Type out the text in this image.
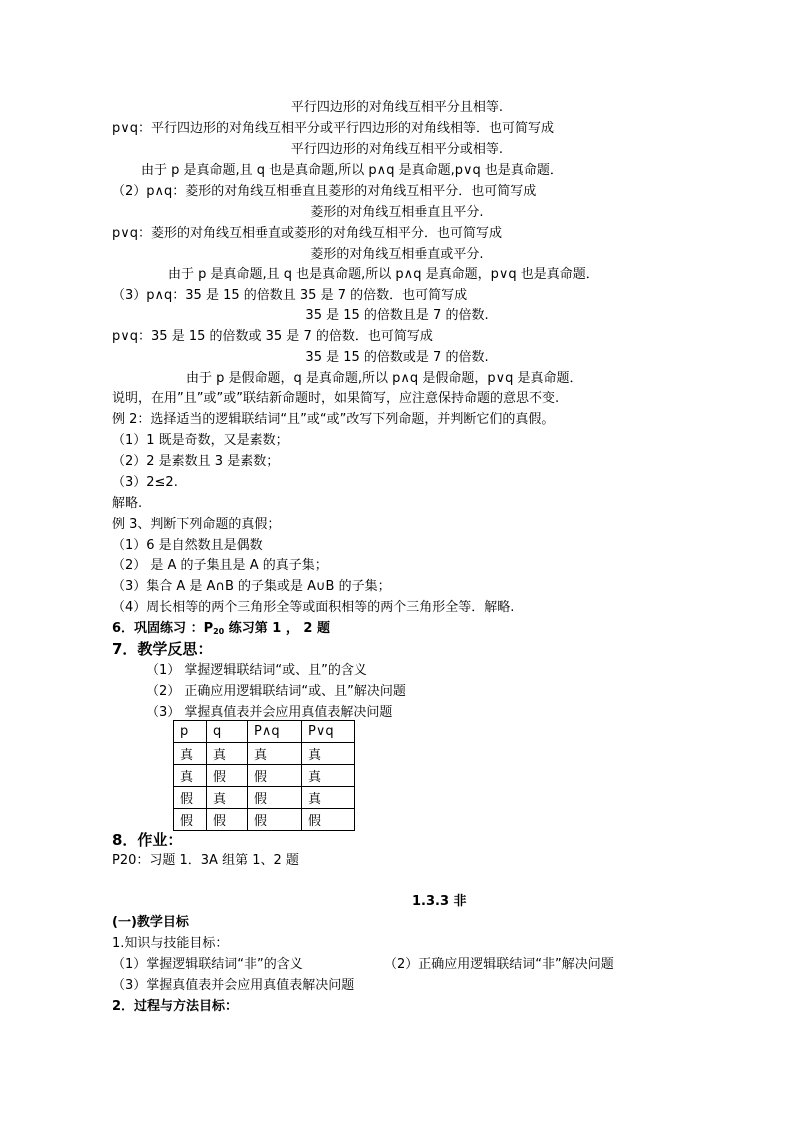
平行四边形的对角线互相平分且相等.
p∨q：平行四边形的对角线互相平分或平行四边形的对角线相等．也可简写成
平行四边形的对角线互相平分或相等.
由于 p 是真命题,且 q 也是真命题,所以 p∧q 是真命题,p∨q 也是真命题．
（2）p∧q：菱形的对角线互相垂直且菱形的对角线互相平分．也可简写成
菱形的对角线互相垂直且平分.
p∨q：菱形的对角线互相垂直或菱形的对角线互相平分．也可简写成
菱形的对角线互相垂直或平分.
由于 p 是真命题,且 q 也是真命题,所以 p∧q 是真命题，p∨q 也是真命题．
（3）p∧q：35 是 15 的倍数且 35 是 7 的倍数．也可简写成
35 是 15 的倍数且是 7 的倍数.
p∨q：35 是 15 的倍数或 35 是 7 的倍数．也可简写成
35 是 15 的倍数或是 7 的倍数.
由于 p 是假命题，q 是真命题,所以 p∧q 是假命题，p∨q 是真命题．
说明，在用”且”或”或”联结新命题时，如果简写，应注意保持命题的意思不变.
例 2：选择适当的逻辑联结词“且”或“或”改写下列命题，并判断它们的真假。
（1）1 既是奇数，又是素数；
（2）2 是素数且 3 是素数；
（3）2≤2.
解略.
例 3、判断下列命题的真假；
（1）6 是自然数且是偶数
（2） 是 A 的子集且是 A 的真子集；
（3）集合 A 是 A∩B 的子集或是 A∪B 的子集；
（4）周长相等的两个三角形全等或面积相等的两个三角形全等．解略.
6．巩固练习 ：$P_{20}$ 练习第 1 ， 2 题
7．教学反思：
（1） 掌握逻辑联结词“或、且”的含义
（2） 正确应用逻辑联结词“或、且”解决问题
（3） 掌握真值表并会应用真值表解决问题
p	q	P∧q	P∨q
真	真	真	真
真	假	假	真
假	真	假	真
假	假	假	假
8．作业：
P20：习题 1．3A 组第 1、2 题
1.3.3 非
(一)教学目标
1.知识与技能目标：
（1）掌握逻辑联结词“非”的含义	（2）正确应用逻辑联结词“非”解决问题
（3）掌握真值表并会应用真值表解决问题
2．过程与方法目标：
